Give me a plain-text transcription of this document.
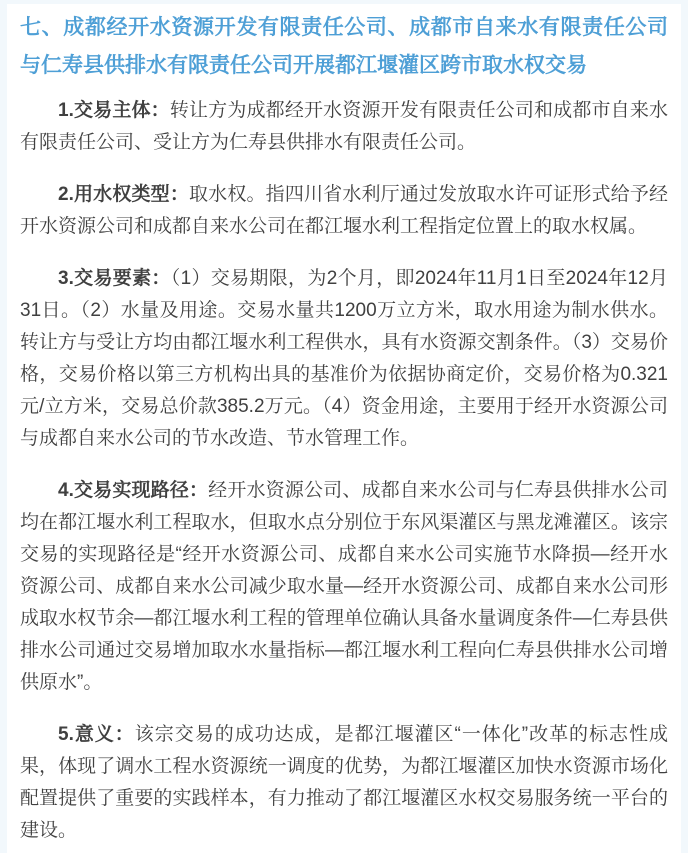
七、成都经开水资源开发有限责任公司、成都市自来水有限责任公司与仁寿县供排水有限责任公司开展都江堰灌区跨市取水权交易

1.交易主体：转让方为成都经开水资源开发有限责任公司和成都市自来水有限责任公司、受让方为仁寿县供排水有限责任公司。

2.用水权类型：取水权。指四川省水利厅通过发放取水许可证形式给予经开水资源公司和成都自来水公司在都江堰水利工程指定位置上的取水权属。

3.交易要素：（1）交易期限，为2个月，即2024年11月1日至2024年12月31日。（2）水量及用途。交易水量共1200万立方米，取水用途为制水供水。转让方与受让方均由都江堰水利工程供水，具有水资源交割条件。（3）交易价格，交易价格以第三方机构出具的基准价为依据协商定价，交易价格为0.321元/立方米，交易总价款385.2万元。（4）资金用途，主要用于经开水资源公司与成都自来水公司的节水改造、节水管理工作。

4.交易实现路径：经开水资源公司、成都自来水公司与仁寿县供排水公司均在都江堰水利工程取水，但取水点分别位于东风渠灌区与黑龙滩灌区。该宗交易的实现路径是“经开水资源公司、成都自来水公司实施节水降损—经开水资源公司、成都自来水公司减少取水量—经开水资源公司、成都自来水公司形成取水权节余—都江堰水利工程的管理单位确认具备水量调度条件—仁寿县供排水公司通过交易增加取水水量指标—都江堰水利工程向仁寿县供排水公司增供原水”。

5.意义：该宗交易的成功达成，是都江堰灌区“一体化”改革的标志性成果，体现了调水工程水资源统一调度的优势，为都江堰灌区加快水资源市场化配置提供了重要的实践样本，有力推动了都江堰灌区水权交易服务统一平台的建设。
